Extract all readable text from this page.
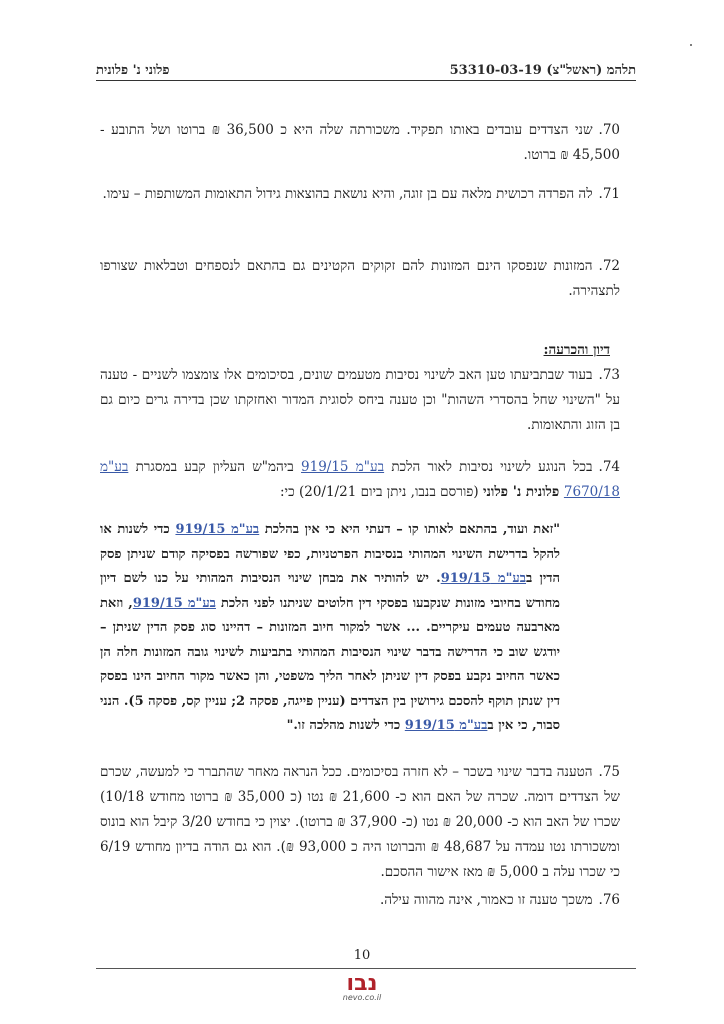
תלהמ (ראשל"צ) 53310-03-19
פלוני נ' פלונית
70.שני הצדדים עובדים באותו תפקיד. משכורתה שלה היא כ 36,500 ₪ ברוטו ושל התובע - 45,500 ₪ ברוטו.
71.לה הפרדה רכושית מלאה עם בן זוגה, והיא נושאת בהוצאות גידול התאומות המשותפות – עימו.
72.המזונות שנפסקו הינם המזונות להם זקוקים הקטינים גם בהתאם לנספחים וטבלאות שצורפו לתצהירה.
דיון והכרעה:
73.בעוד שבתביעתו טען האב לשינוי נסיבות מטעמים שונים, בסיכומים אלו צומצמו לשניים - טענה על "השינוי שחל בהסדרי השהות" וכן טענה ביחס לסוגית המדור ואחזקתו שכן בדירה גרים כיום גם בן הזוג והתאומות.
74.בכל הנוגע לשינוי נסיבות לאור הלכת בע"מ 919/15 ביהמ"ש העליון קבע במסגרת בע"מ 7670/18 פלונית נ' פלוני (פורסם בנבו, ניתן ביום 20/1/21) כי:
"זאת ועוד, בהתאם לאותו קו – דעתי היא כי אין בהלכת בע"מ 919/15 כדי לשנות או להקל בדרישת השינוי המהותי בנסיבות הפרטניות, כפי שפורשה בפסיקה קודם שניתן פסק הדין בבע"מ 919/15. יש להותיר את מבחן שינוי הנסיבות המהותי על כנו לשם דיון מחודש בחיובי מזונות שנקבעו בפסקי דין חלוטים שניתנו לפני הלכת בע"מ 919/15, וזאת מארבעה טעמים עיקריים. ... אשר למקור חיוב המזונות – דהיינו סוג פסק הדין שניתן – יודגש שוב כי הדרישה בדבר שינוי הנסיבות המהותי בתביעות לשינוי גובה המזונות חלה הן כאשר החיוב נקבע בפסק דין שניתן לאחר הליך משפטי, והן כאשר מקור החיוב הינו בפסק דין שנתן תוקף להסכם גירושין בין הצדדים (עניין פייגה, פסקה 2; עניין קס, פסקה 5). הנני סבור, כי אין בבע"מ 919/15 כדי לשנות מהלכה זו."
75.הטענה בדבר שינוי בשכר – לא חזרה בסיכומים. ככל הנראה מאחר שהתברר כי למעשה, שכרם של הצדדים דומה. שכרה של האם הוא כ- 21,600 ₪ נטו (כ 35,000 ₪ ברוטו מחודש 10/18) שכרו של האב הוא כ- 20,000 ₪ נטו (כ- 37,900 ₪ ברוטו). יצוין כי בחודש 3/20 קיבל הוא בונוס ומשכורתו נטו עמדה על 48,687 ₪ והברוטו היה כ 93,000 ₪). הוא גם הודה בדיון מחודש 6/19 כי שכרו עלה ב 5,000 ₪ מאז אישור ההסכם.
76.משכך טענה זו כאמור, אינה מהווה עילה.
10
נבו
nevo.co.il
